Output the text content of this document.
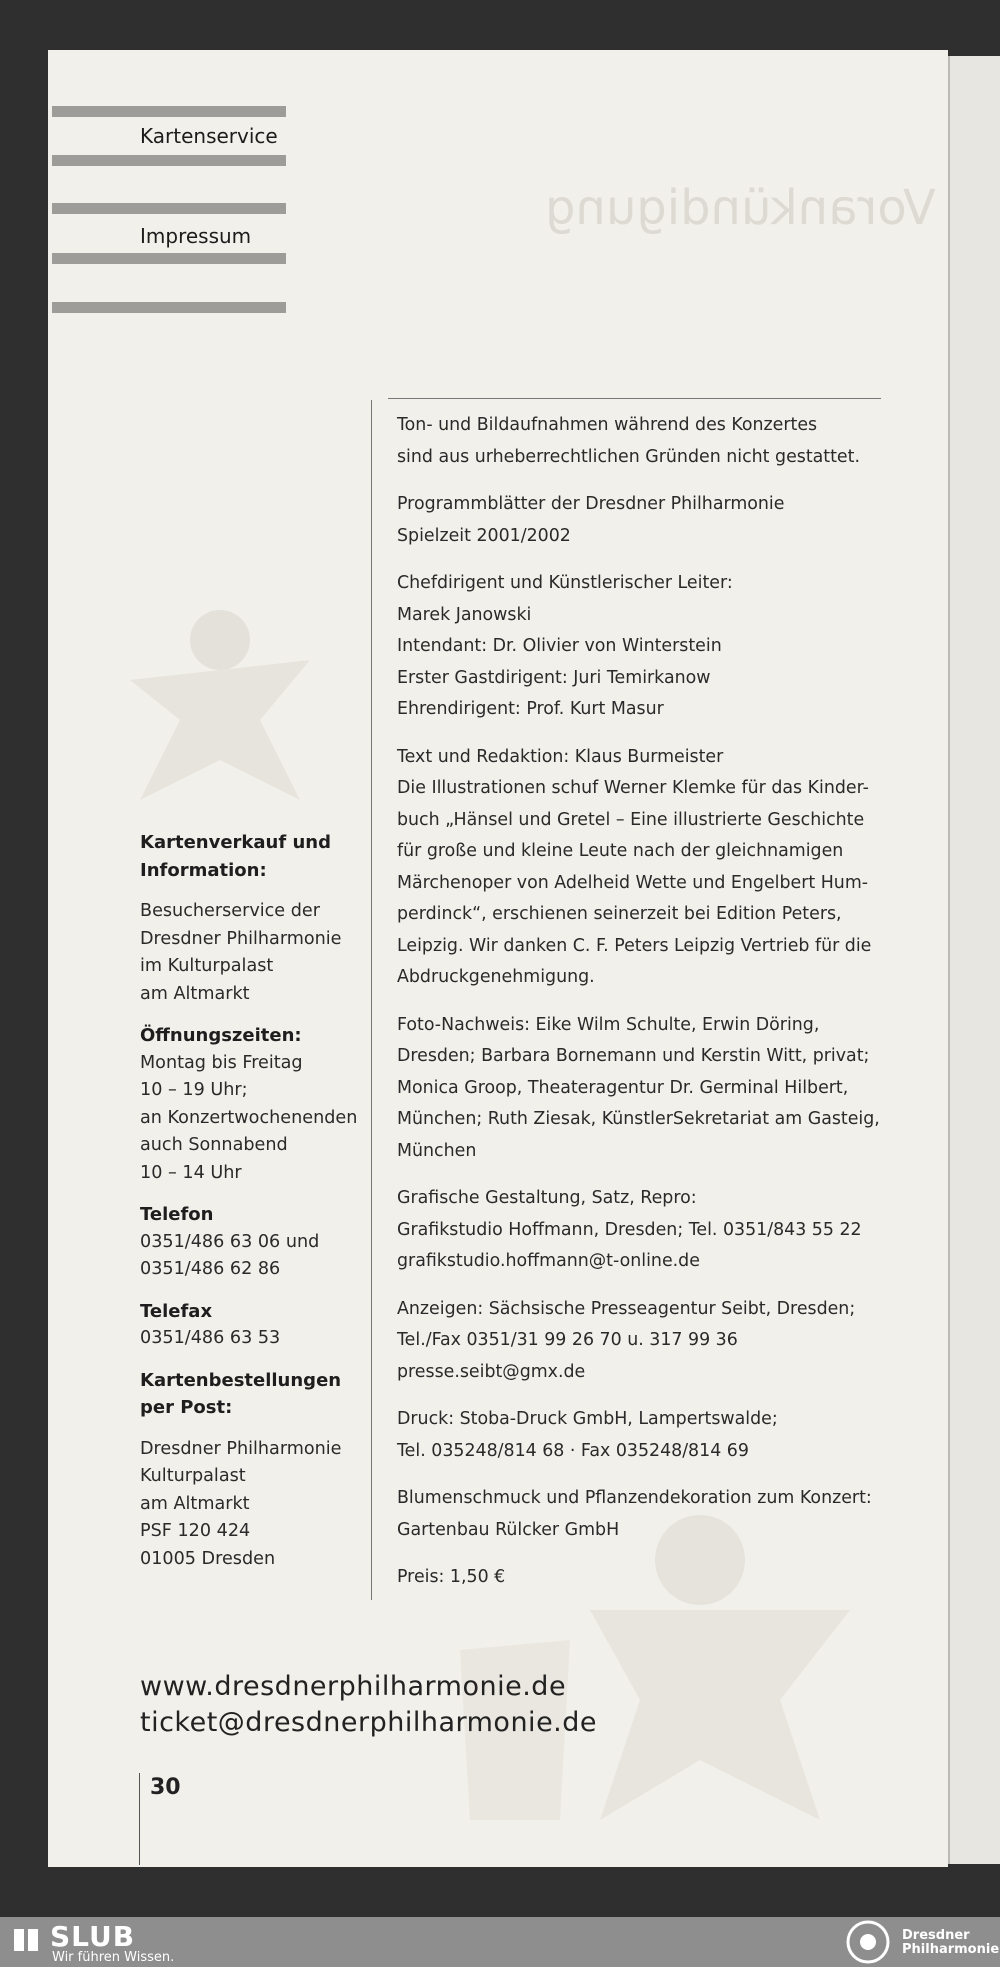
Vorankündigung
Kartenservice
Impressum

Ton- und Bildaufnahmen während des Konzertes
sind aus urheberrechtlichen Gründen nicht gestattet.

Programmblätter der Dresdner Philharmonie
Spielzeit 2001/2002

Chefdirigent und Künstlerischer Leiter:
Marek Janowski
Intendant: Dr. Olivier von Winterstein
Erster Gastdirigent: Juri Temirkanow
Ehrendirigent: Prof. Kurt Masur

Text und Redaktion: Klaus Burmeister
Die Illustrationen schuf Werner Klemke für das Kinder-
buch „Hänsel und Gretel – Eine illustrierte Geschichte
für große und kleine Leute nach der gleichnamigen
Märchenoper von Adelheid Wette und Engelbert Hum-
perdinck“, erschienen seinerzeit bei Edition Peters,
Leipzig. Wir danken C. F. Peters Leipzig Vertrieb für die
Abdruckgenehmigung.

Foto-Nachweis: Eike Wilm Schulte, Erwin Döring,
Dresden; Barbara Bornemann und Kerstin Witt, privat;
Monica Groop, Theateragentur Dr. Germinal Hilbert,
München; Ruth Ziesak, KünstlerSekretariat am Gasteig,
München

Grafische Gestaltung, Satz, Repro:
Grafikstudio Hoffmann, Dresden; Tel. 0351/843 55 22
grafikstudio.hoffmann@t-online.de

Anzeigen: Sächsische Presseagentur Seibt, Dresden;
Tel./Fax 0351/31 99 26 70 u. 317 99 36
presse.seibt@gmx.de

Druck: Stoba-Druck GmbH, Lampertswalde;
Tel. 035248/814 68 · Fax 035248/814 69

Blumenschmuck und Pflanzendekoration zum Konzert:
Gartenbau Rülcker GmbH

Preis: 1,50 €

Kartenverkauf und
Information:
Besucherservice der
Dresdner Philharmonie
im Kulturpalast
am Altmarkt
Öffnungszeiten:
Montag bis Freitag
10 – 19 Uhr;
an Konzertwochenenden
auch Sonnabend
10 – 14 Uhr
Telefon
0351/486 63 06 und
0351/486 62 86
Telefax
0351/486 63 53
Kartenbestellungen
per Post:
Dresdner Philharmonie
Kulturpalast
am Altmarkt
PSF 120 424
01005 Dresden
www.dresdnerphilharmonie.de
ticket@dresdnerphilharmonie.de
30
SLUB
Wir führen Wissen.
Dresdner
Philharmonie
